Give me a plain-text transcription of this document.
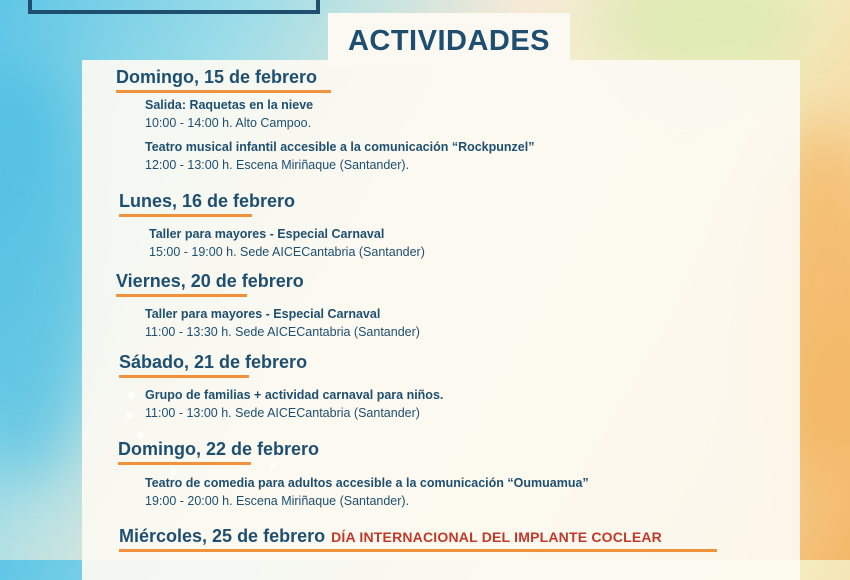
ACTIVIDADES
Domingo, 15 de febrero
Salida: Raquetas en la nieve
10:00 - 14:00 h. Alto Campoo.
Teatro musical infantil accesible a la comunicación “Rockpunzel”
12:00 - 13:00 h. Escena Miriñaque (Santander).
Lunes, 16 de febrero
Taller para mayores - Especial Carnaval
15:00 - 19:00 h. Sede AICECantabria (Santander)
Viernes, 20 de febrero
Taller para mayores - Especial Carnaval
11:00 - 13:30 h. Sede AICECantabria (Santander)
Sábado, 21 de febrero
Grupo de familias + actividad carnaval para niños.
11:00 - 13:00 h. Sede AICECantabria (Santander)
Domingo, 22 de febrero
Teatro de comedia para adultos accesible a la comunicación “Oumuamua”
19:00 - 20:00 h. Escena Miriñaque (Santander).
Miércoles, 25 de febrero DÍA INTERNACIONAL DEL IMPLANTE COCLEAR
